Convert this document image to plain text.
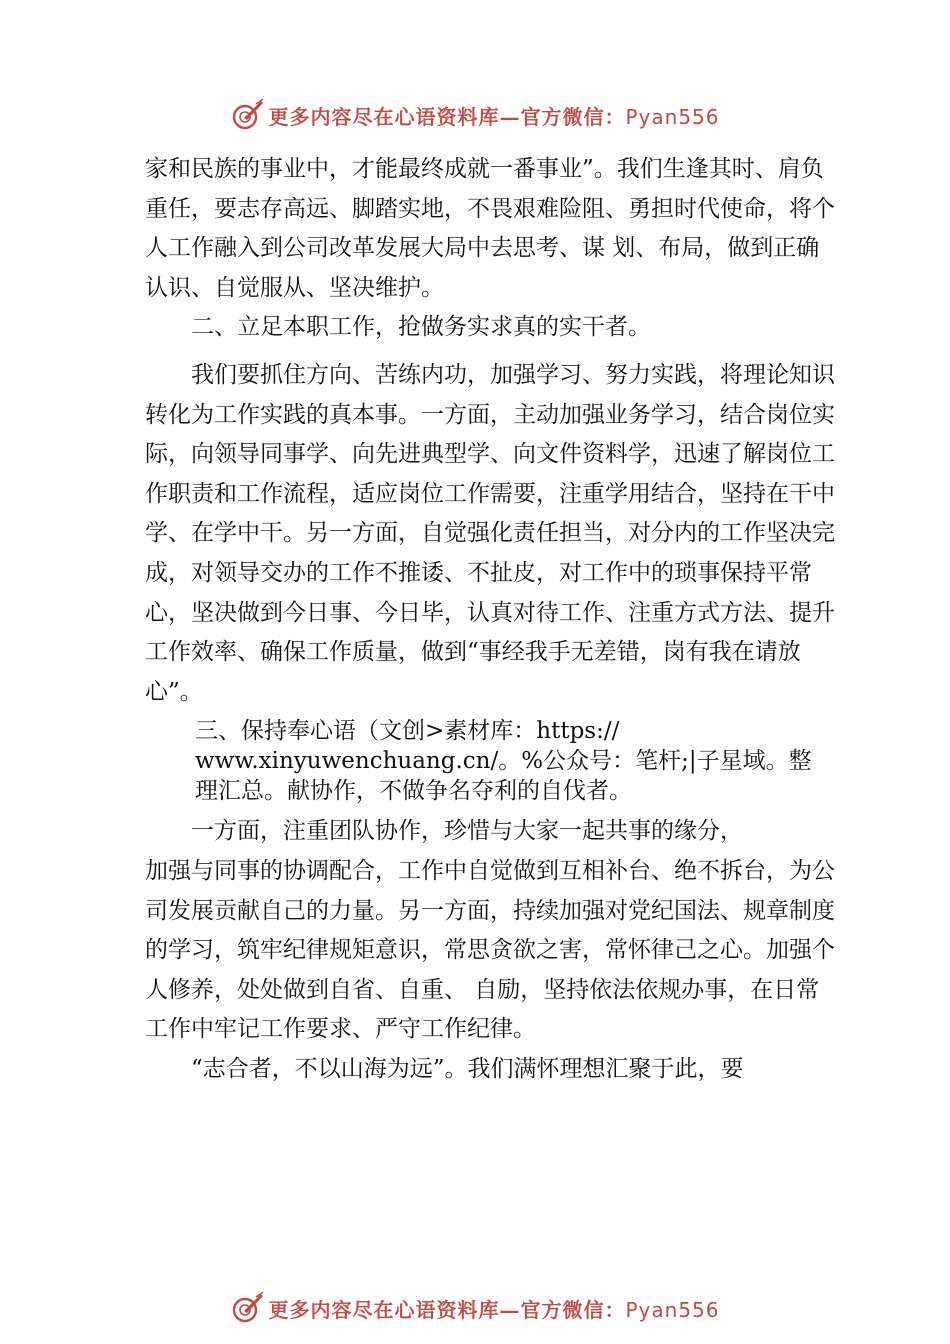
更多内容尽在心语资料库—官方微信：Pyan556

家和民族的事业中，才能最终成就一番事业”。我们生逢其时、肩负重任，要志存高远、脚踏实地，不畏艰难险阻、勇担时代使命，将个人工作融入到公司改革发展大局中去思考、谋 划、布局，做到正确认识、自觉服从、坚决维护。

二、立足本职工作，抢做务实求真的实干者。

我们要抓住方向、苦练内功，加强学习、努力实践，将理论知识转化为工作实践的真本事。一方面，主动加强业务学习，结合岗位实际，向领导同事学、向先进典型学、向文件资料学，迅速了解岗位工作职责和工作流程，适应岗位工作需要，注重学用结合，坚持在干中学、在学中干。另一方面，自觉强化责任担当，对分内的工作坚决完成，对领导交办的工作不推诿、不扯皮，对工作中的琐事保持平常心，坚决做到今日事、今日毕，认真对待工作、注重方式方法、提升工作效率、确保工作质量，做到“事经我手无差错，岗有我在请放心”。

三、保持奉心语（文创>素材库：https://
www.xinyuwenchuang.cn/。%公众号：笔杆;|子星域。整
理汇总。献协作，不做争名夺利的自伐者。

一方面，注重团队协作，珍惜与大家一起共事的缘分，

加强与同事的协调配合，工作中自觉做到互相补台、绝不拆台，为公司发展贡献自己的力量。另一方面，持续加强对党纪国法、规章制度的学习，筑牢纪律规矩意识，常思贪欲之害，常怀律己之心。加强个人修养，处处做到自省、自重、 自励，坚持依法依规办事，在日常工作中牢记工作要求、严守工作纪律。

“志合者，不以山海为远”。我们满怀理想汇聚于此，要

更多内容尽在心语资料库—官方微信：Pyan556
